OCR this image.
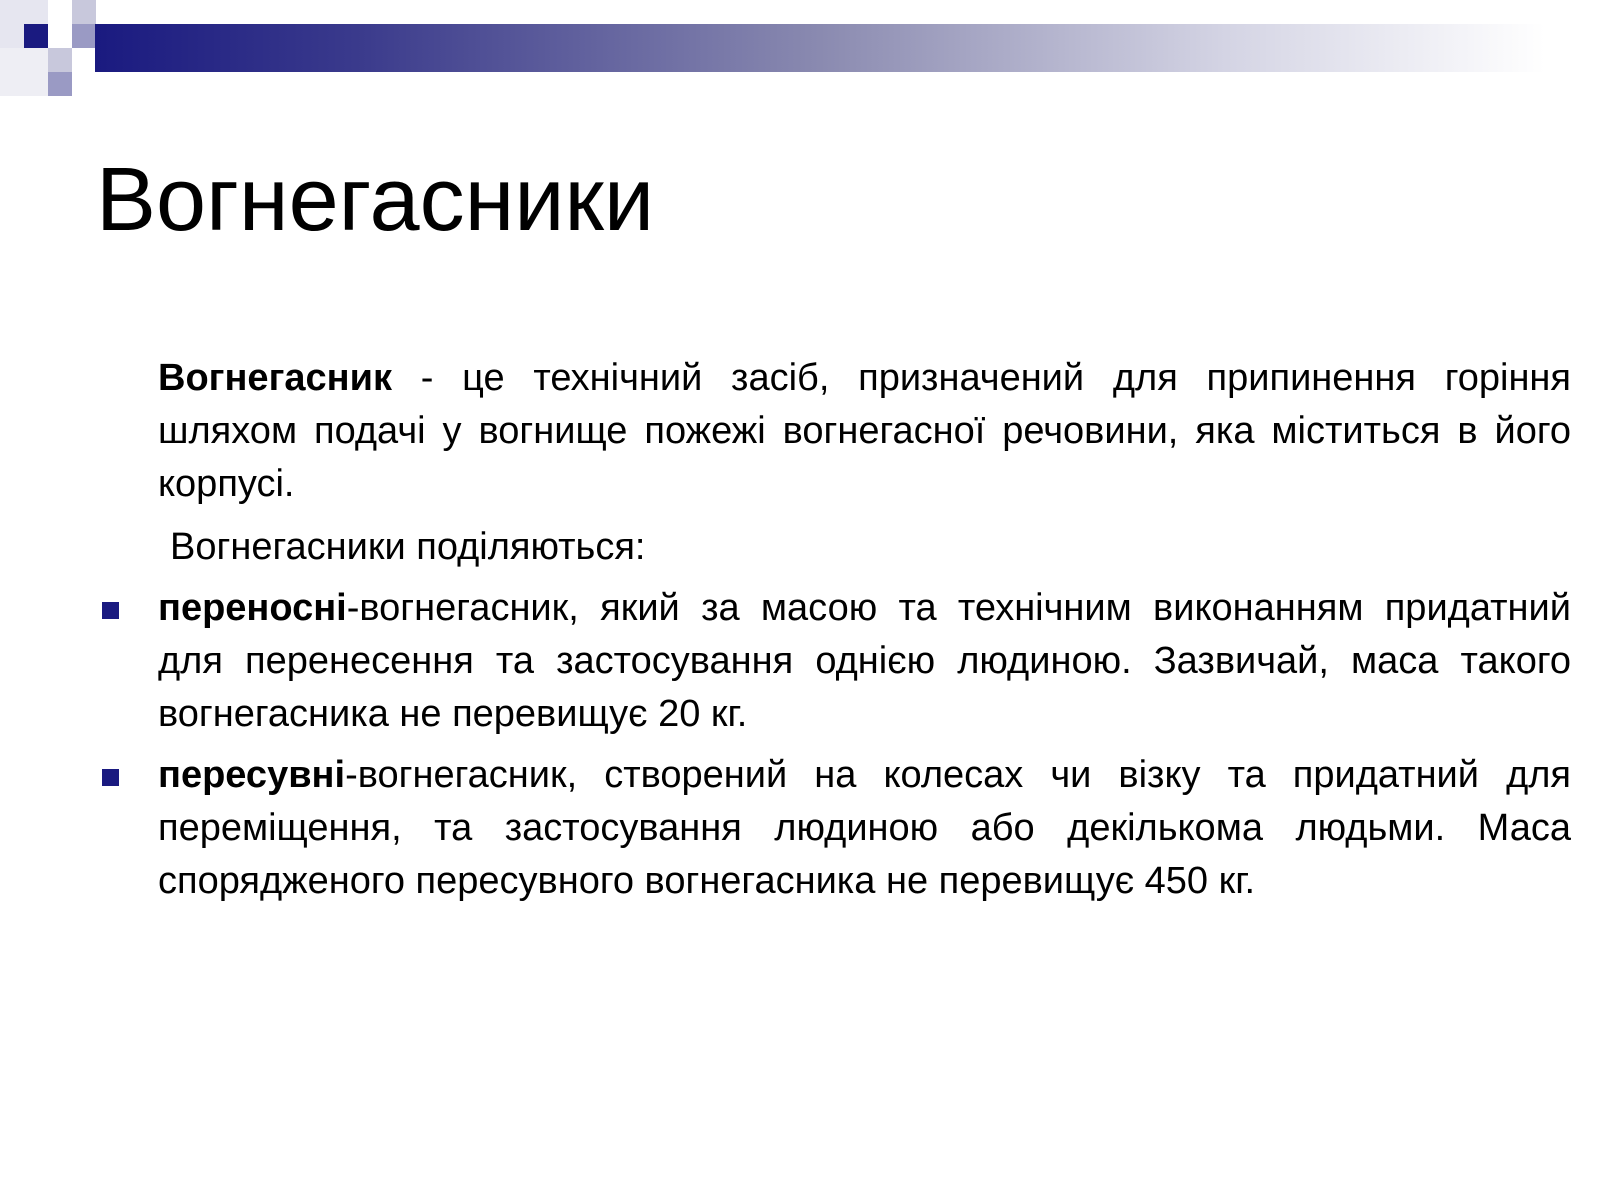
Вогнегасники

Вогнегасник - це технічний засіб, призначений для припинення горіння шляхом подачі у вогнище пожежі вогнегасної речовини, яка міститься в його корпусі.

Вогнегасники поділяються:

переносні-вогнегасник, який за масою та технічним виконанням придатний для перенесення та застосування однією людиною. Зазвичай, маса такого вогнегасника не перевищує 20 кг.
пересувні-вогнегасник, створений на колесах чи візку та придатний для переміщення, та застосування людиною або декількома людьми. Маса спорядженого пересувного вогнегасника не перевищує 450 кг.
